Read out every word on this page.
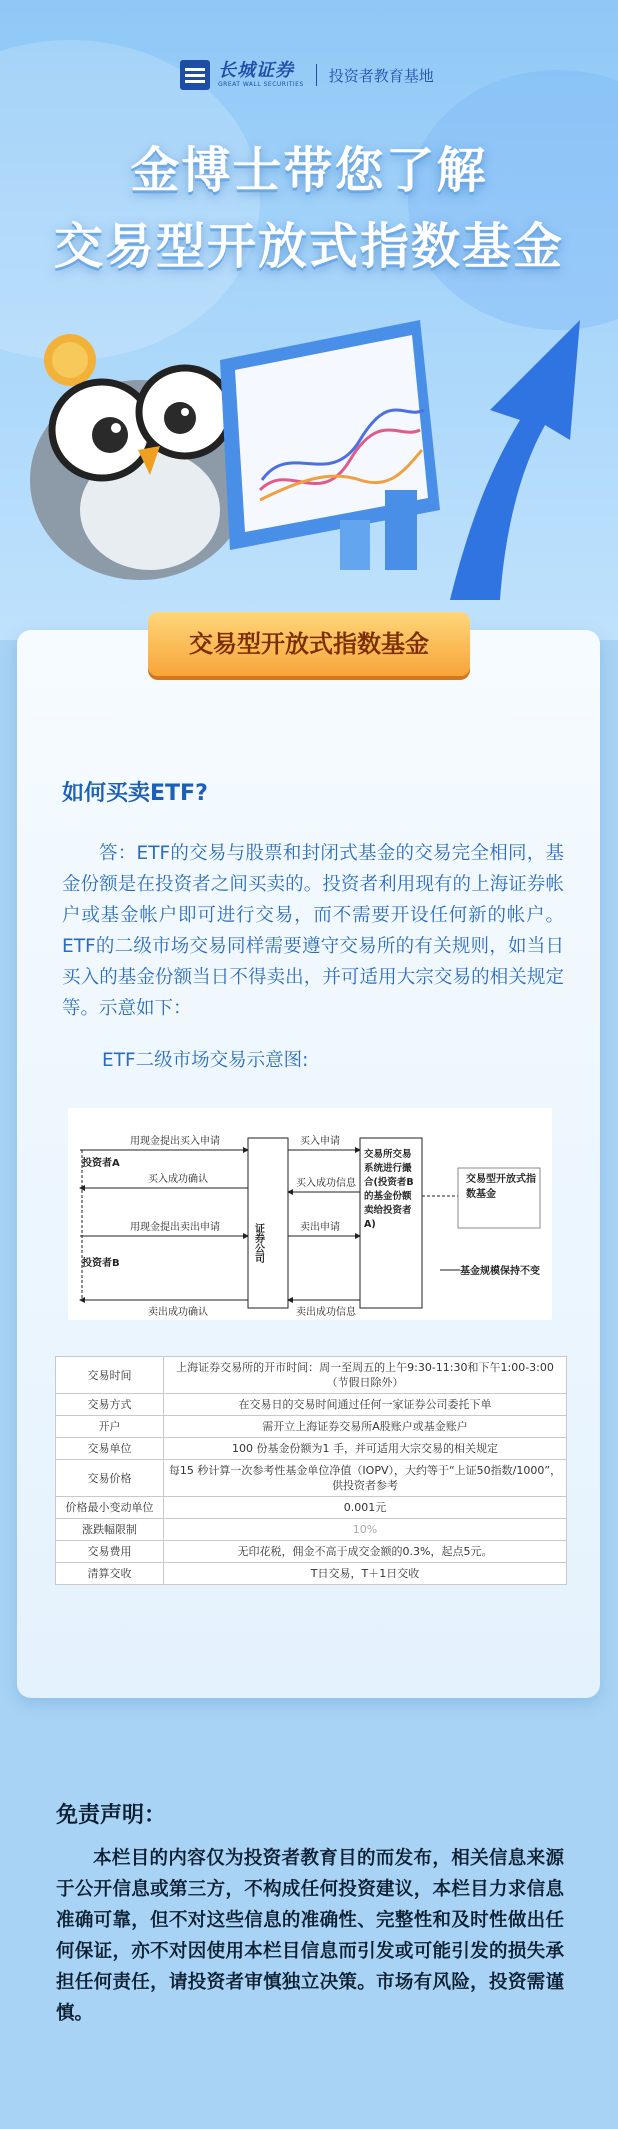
长城证券
GREAT WALL SECURITIES 投资者教育基地
金博士带您了解
交易型开放式指数基金
交易型开放式指数基金
如何买卖ETF?
答：ETF的交易与股票和封闭式基金的交易完全相同，基金份额是在投资者之间买卖的。投资者利用现有的上海证券帐户或基金帐户即可进行交易，而不需要开设任何新的帐户。ETF的二级市场交易同样需要遵守交易所的有关规则，如当日买入的基金份额当日不得卖出，并可适用大宗交易的相关规定等。示意如下：
ETF二级市场交易示意图:
投资者A
投资者B
用现金提出买入申请
买入成功确认
用现金提出卖出申请
卖出成功确认
证券公司
买入申请
买入成功信息
卖出申请
卖出成功信息
交易所交易系统进行撮合(投资者B的基金份额卖给投资者A)
交易型开放式指数基金
基金规模保持不变
交易时间	上海证券交易所的开市时间：周一至周五的上午9:30-11:30和下午1:00-3:00（节假日除外）
交易方式	在交易日的交易时间通过任何一家证券公司委托下单
开户	需开立上海证券交易所A股账户或基金账户
交易单位	100 份基金份额为1 手，并可适用大宗交易的相关规定
交易价格	每15 秒计算一次参考性基金单位净值（IOPV），大约等于“上证50指数/1000”，供投资者参考
价格最小变动单位	0.001元
涨跌幅限制	10%
交易费用	无印花税，佣金不高于成交金额的0.3%，起点5元。
清算交收	T日交易，T＋1日交收
免责声明：
本栏目的内容仅为投资者教育目的而发布，相关信息来源于公开信息或第三方，不构成任何投资建议，本栏目力求信息准确可靠，但不对这些信息的准确性、完整性和及时性做出任何保证，亦不对因使用本栏目信息而引发或可能引发的损失承担任何责任，请投资者审慎独立决策。市场有风险，投资需谨慎。
